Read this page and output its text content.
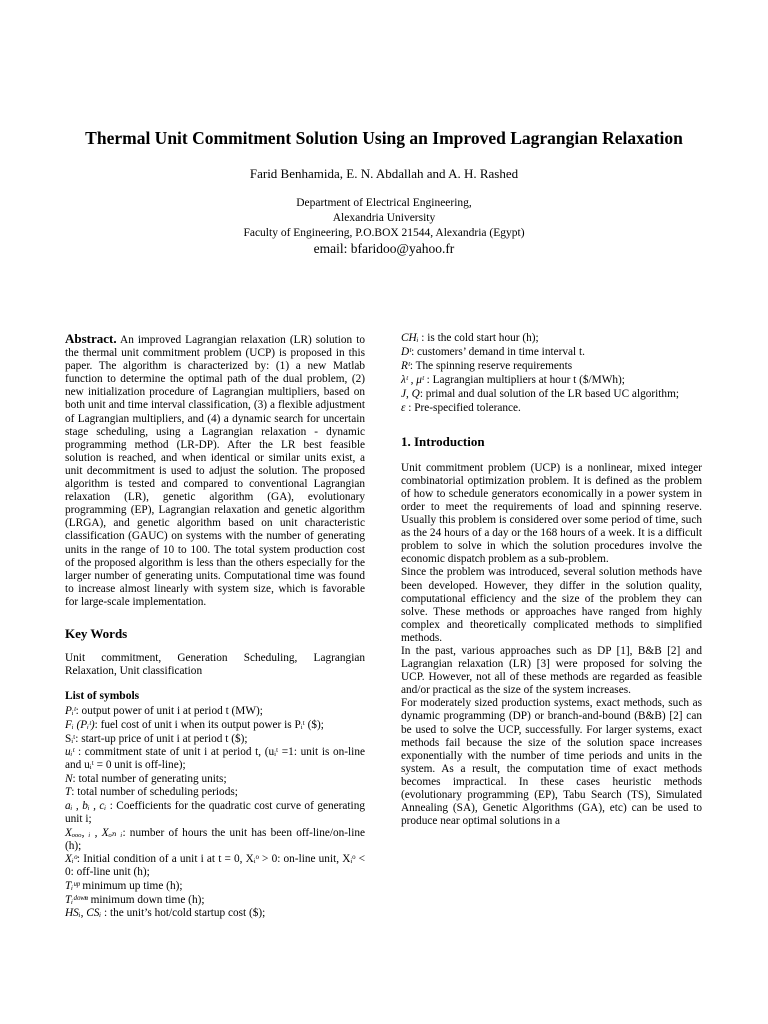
Thermal Unit Commitment Solution Using an Improved Lagrangian Relaxation
Farid Benhamida, E. N. Abdallah and A. H. Rashed
Department of Electrical Engineering,
Alexandria University
Faculty of Engineering, P.O.BOX 21544, Alexandria (Egypt)
email: bfaridoo@yahoo.fr

Abstract. An improved Lagrangian relaxation (LR) solution to the thermal unit commitment problem (UCP) is proposed in this paper. The algorithm is characterized by: (1) a new Matlab function to determine the optimal path of the dual problem, (2) new initialization procedure of Lagrangian multipliers, based on both unit and time interval classification, (3) a flexible adjustment of Lagrangian multipliers, and (4) a dynamic search for uncertain stage scheduling, using a Lagrangian relaxation - dynamic programming method (LR-DP). After the LR best feasible solution is reached, and when identical or similar units exist, a unit decommitment is used to adjust the solution. The proposed algorithm is tested and compared to conventional Lagrangian relaxation (LR), genetic algorithm (GA), evolutionary programming (EP), Lagrangian relaxation and genetic algorithm (LRGA), and genetic algorithm based on unit characteristic classification (GAUC) on systems with the number of generating units in the range of 10 to 100. The total system production cost of the proposed algorithm is less than the others especially for the larger number of generating units. Computational time was found to increase almost linearly with system size, which is favorable for large-scale implementation.

Key Words

Unit commitment, Generation Scheduling, Lagrangian Relaxation, Unit classification

List of symbols

Pᵢᵗ: output power of unit i at period t (MW);

Fᵢ (Pᵢᵗ): fuel cost of unit i when its output power is Pᵢᵗ ($);

Sᵢᵗ: start-up price of unit i at period t ($);

uᵢᵗ : commitment state of unit i at period t, (uᵢᵗ =1: unit is on-line and uᵢᵗ = 0 unit is off-line);

N: total number of generating units;

T: total number of scheduling periods;

aᵢ , bᵢ , cᵢ : Coefficients for the quadratic cost curve of generating unit i;

Xₒₒₒ, ᵢ , Xₒₙ ᵢ: number of hours the unit has been off-line/on-line (h);

Xᵢᵒ: Initial condition of a unit i at t = 0, Xᵢᵒ > 0: on-line unit, Xᵢᵒ < 0: off-line unit (h);

Tᵢᵘᵖ minimum up time (h);

Tᵢᵈᵒʷⁿ minimum down time (h);

HSᵢ, CSᵢ : the unit’s hot/cold startup cost ($);

CHᵢ : is the cold start hour (h);

Dᵗ: customers’ demand in time interval t.

Rᵗ: The spinning reserve requirements

λᵗ , μᵗ : Lagrangian multipliers at hour t ($/MWh);

J, Q: primal and dual solution of the LR based UC algorithm;

ε : Pre-specified tolerance.

1. Introduction

Unit commitment problem (UCP) is a nonlinear, mixed integer combinatorial optimization problem. It is defined as the problem of how to schedule generators economically in a power system in order to meet the requirements of load and spinning reserve. Usually this problem is considered over some period of time, such as the 24 hours of a day or the 168 hours of a week. It is a difficult problem to solve in which the solution procedures involve the economic dispatch problem as a sub-problem.

Since the problem was introduced, several solution methods have been developed. However, they differ in the solution quality, computational efficiency and the size of the problem they can solve. These methods or approaches have ranged from highly complex and theoretically complicated methods to simplified methods.

In the past, various approaches such as DP [1], B&B [2] and Lagrangian relaxation (LR) [3] were proposed for solving the UCP. However, not all of these methods are regarded as feasible and/or practical as the size of the system increases.

For moderately sized production systems, exact methods, such as dynamic programming (DP) or branch-and-bound (B&B) [2] can be used to solve the UCP, successfully. For larger systems, exact methods fail because the size of the solution space increases exponentially with the number of time periods and units in the system. As a result, the computation time of exact methods becomes impractical. In these cases heuristic methods (evolutionary programming (EP), Tabu Search (TS), Simulated Annealing (SA), Genetic Algorithms (GA), etc) can be used to produce near optimal solutions in a
